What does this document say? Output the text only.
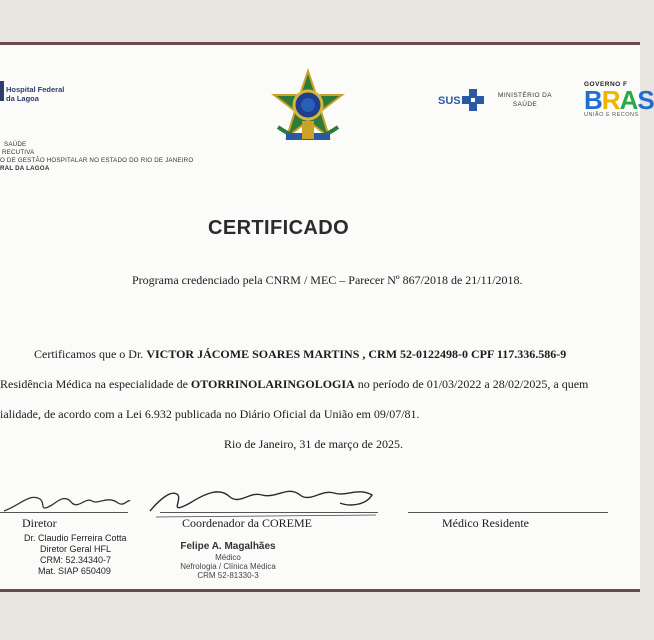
Hospital Federal
da Lagoa
SAÚDE
RECUTIVA
O DE GESTÃO HOSPITALAR NO ESTADO DO RIO DE JANEIRO
RAL DA LAGOA
SUS	MINISTÉRIO DA
SAÚDE
GOVERNO F
BRAS
UNIÃO E RECONS
CERTIFICADO
Programa credenciado pela CNRM / MEC – Parecer Nº 867/2018 de 21/11/2018.
Certificamos que o Dr. VICTOR JÁCOME SOARES MARTINS , CRM 52-0122498-0 CPF 117.336.586-9
Residência Médica na especialidade de OTORRINOLARINGOLOGIA no período de 01/03/2022 a 28/02/2025, a quem
ialidade, de acordo com a Lei 6.932 publicada no Diário Oficial da União em 09/07/81.
Rio de Janeiro, 31 de março de 2025.
Diretor	Coordenador da COREME	Médico Residente
Dr. Claudio Ferreira Cotta
Diretor Geral HFL
CRM: 52.34340-7
Mat. SIAP 650409
Felipe A. Magalhães
Médico
Nefrologia / Clínica Médica
CRM 52-81330-3
